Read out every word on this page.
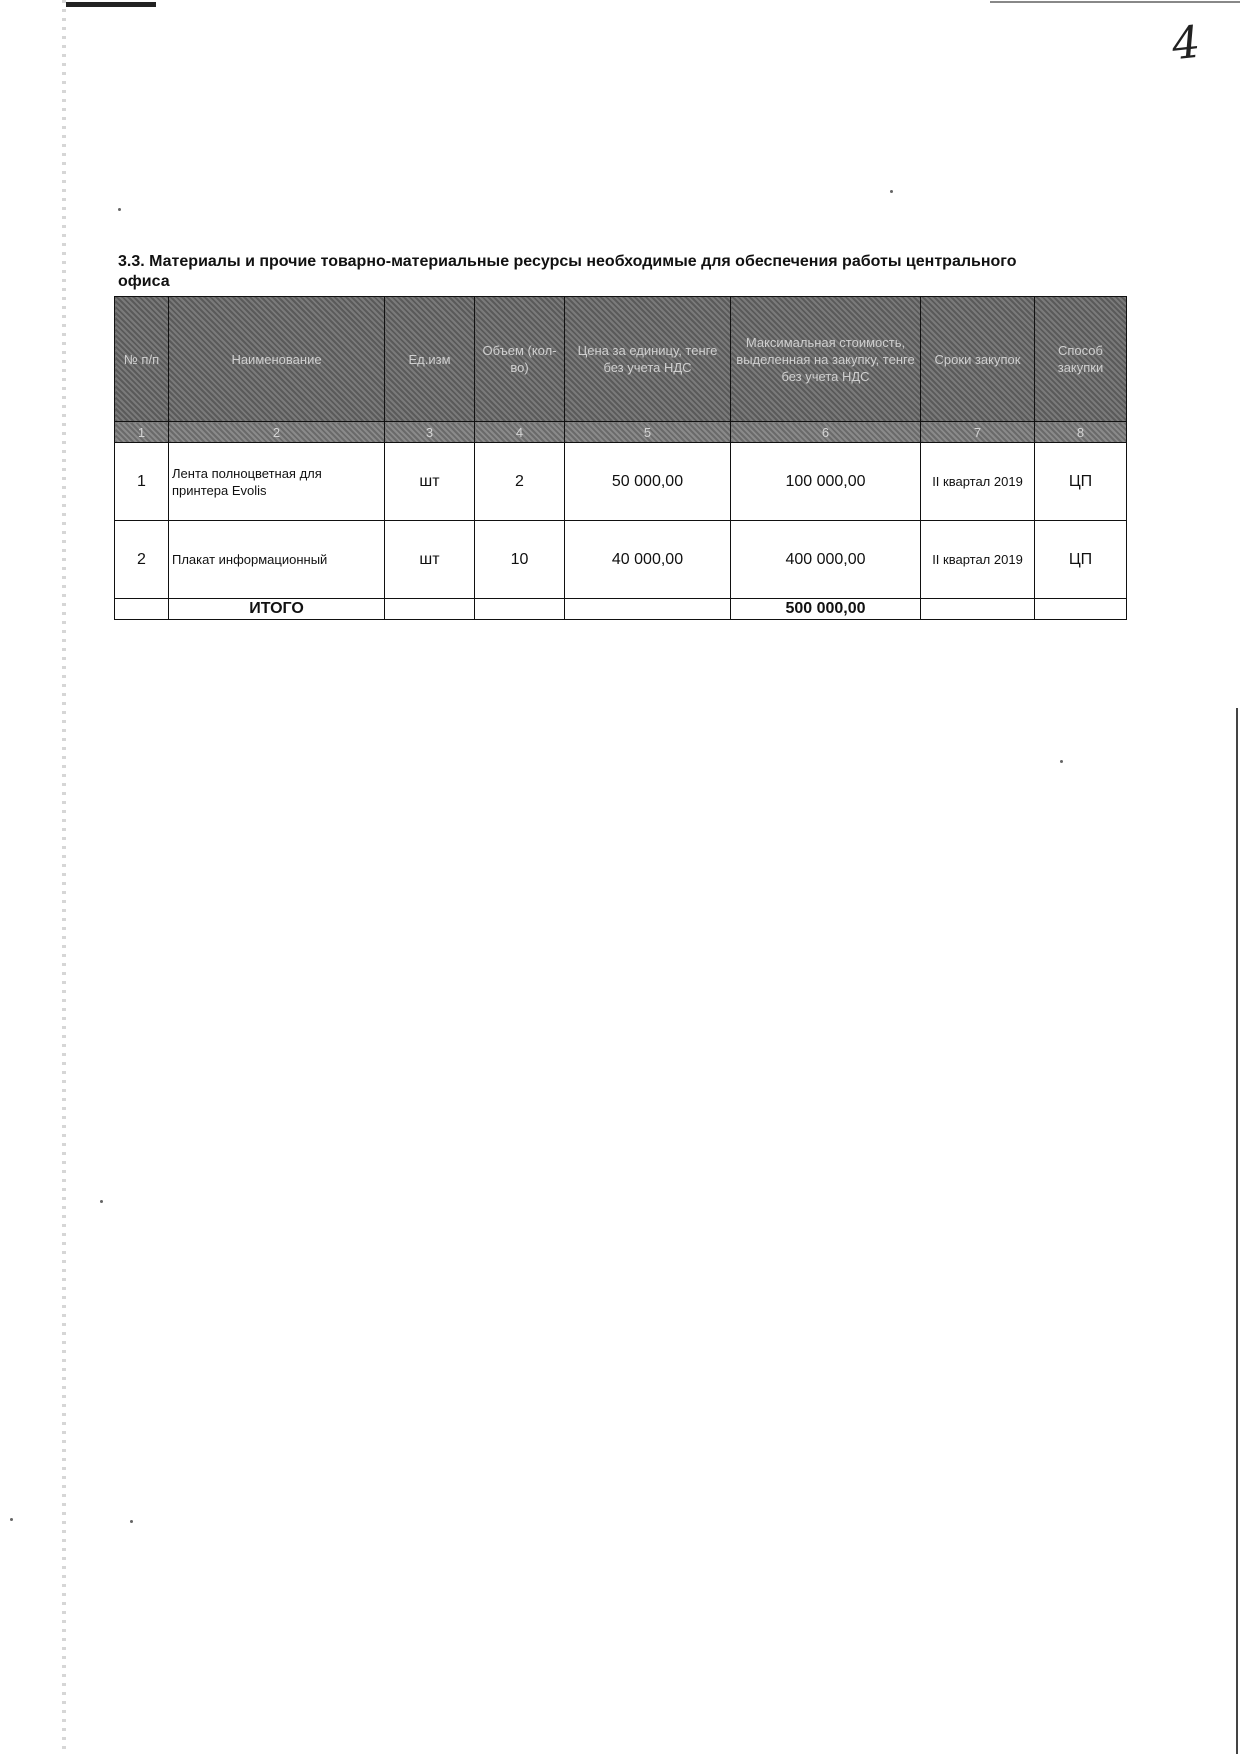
4
3.3. Материалы и прочие товарно-материальные ресурсы необходимые для обеспечения работы центрального офиса
№ п/п	Наименование	Ед.изм	Объем (кол-во)	Цена за единицу, тенге без учета НДС	Максимальная стоимость, выделенная на закупку, тенге без учета НДС	Сроки закупок	Способ закупки
1	2	3	4	5	6	7	8
1	Лента полноцветная для принтера Evolis	шт	2	50 000,00	100 000,00	II квартал 2019	ЦП
2	Плакат информационный	шт	10	40 000,00	400 000,00	II квартал 2019	ЦП
	ИТОГО				500 000,00		
